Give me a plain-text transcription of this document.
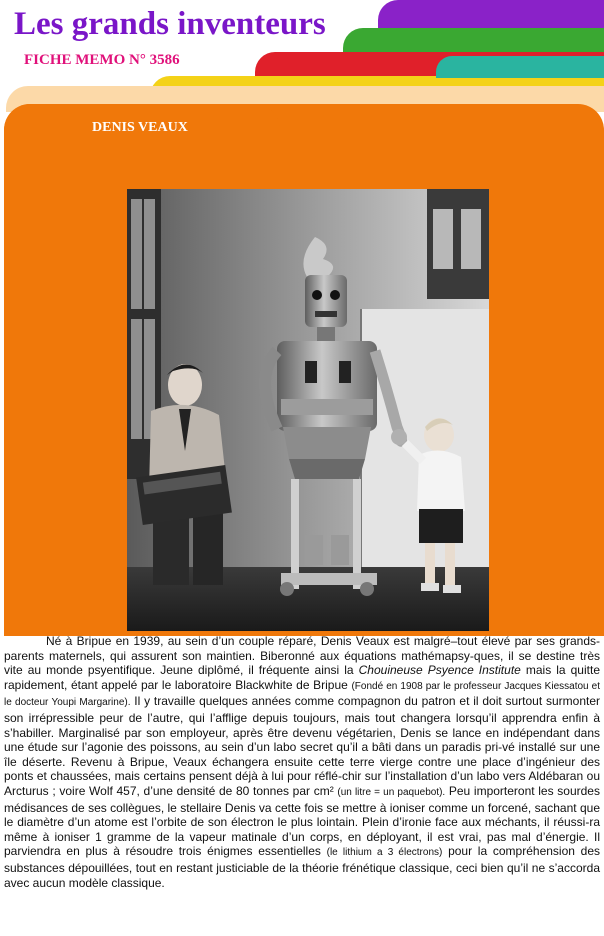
Les grands inventeurs
FICHE MEMO N° 3586
DENIS VEAUX

Né à Bripue en 1939, au sein d’un couple réparé, Denis Veaux est malgré–tout élevé par ses grands-parents maternels, qui assurent son maintien. Biberonné aux équations mathémapsy-ques, il se destine très vite au monde psyentifique. Jeune diplômé, il fréquente ainsi la Chouineuse Psyence Institute mais la quitte rapidement, étant appelé par le laboratoire Blackwhite de Bripue (Fondé en 1908 par le professeur Jacques Kiessatou et le docteur Youpi Margarine). Il y travaille quelques années comme compagnon du patron et il doit surtout surmonter son irrépressible peur de l’autre, qui l’afflige depuis toujours, mais tout changera lorsqu’il apprendra enfin à s’habiller. Marginalisé par son employeur, après être devenu végétarien, Denis se lance en indépendant dans une étude sur l’agonie des poissons, au sein d’un labo secret qu’il a bâti dans un paradis pri-vé installé sur une île déserte. Revenu à Bripue, Veaux échangera ensuite cette terre vierge contre une place d’ingénieur des ponts et chaussées, mais certains pensent déjà à lui pour réflé-chir sur l’installation d’un labo vers Aldébaran ou Arcturus ; voire Wolf 457, d’une densité de 80 tonnes par cm² (un litre = un paquebot). Peu importeront les sourdes médisances de ses collègues, le stellaire Denis va cette fois se mettre à ioniser comme un forcené, sachant que le diamètre d’un atome est l’orbite de son électron le plus lointain. Plein d’ironie face aux méchants, il réussi-ra même à ioniser 1 gramme de la vapeur matinale d’un corps, en déployant, il est vrai, pas mal d’énergie. Il parviendra en plus à résoudre trois énigmes essentielles (le lithium a 3 électrons) pour la compréhension des substances dépouillées, tout en restant justiciable de la théorie frénétique classique, ceci bien qu’il ne s’accorda avec aucun modèle classique.
